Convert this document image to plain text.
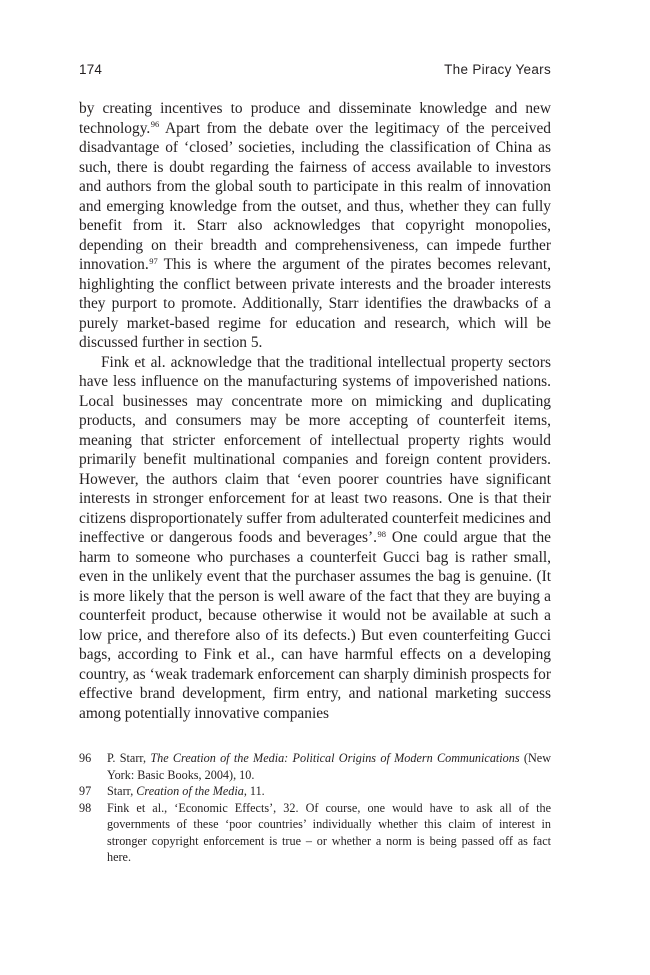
174	The Piracy Years

by creating incentives to produce and disseminate knowledge and new technology.$^{96}$ Apart from the debate over the legitimacy of the perceived disadvantage of ‘closed’ societies, including the classification of China as such, there is doubt regarding the fairness of access available to investors and authors from the global south to participate in this realm of innovation and emerging knowledge from the outset, and thus, whether they can fully benefit from it. Starr also acknowledges that copyright monopolies, depending on their breadth and comprehensiveness, can impede further innovation.$^{97}$ This is where the argument of the pirates becomes relevant, highlighting the conflict between private interests and the broader interests they purport to promote. Additionally, Starr identifies the drawbacks of a purely market-based regime for education and research, which will be discussed further in section 5.

Fink et al. acknowledge that the traditional intellectual property sectors have less influence on the manufacturing systems of impoverished nations. Local businesses may concentrate more on mimicking and duplicating products, and consumers may be more accepting of counterfeit items, meaning that stricter enforcement of intellectual property rights would primarily benefit multinational companies and foreign content providers. However, the authors claim that ‘even poorer countries have significant interests in stronger enforcement for at least two reasons. One is that their citizens disproportionately suffer from adulterated counterfeit medicines and ineffective or dangerous foods and beverages’.$^{98}$ One could argue that the harm to someone who purchases a counterfeit Gucci bag is rather small, even in the unlikely event that the purchaser assumes the bag is genuine. (It is more likely that the person is well aware of the fact that they are buying a counterfeit product, because otherwise it would not be available at such a low price, and therefore also of its defects.) But even counterfeiting Gucci bags, according to Fink et al., can have harmful effects on a developing country, as ‘weak trademark enforcement can sharply diminish prospects for effective brand development, firm entry, and national marketing success among potentially innovative companies

96 P. Starr, The Creation of the Media: Political Origins of Modern Communications (New York: Basic Books, 2004), 10.
97 Starr, Creation of the Media, 11.
98 Fink et al., ‘Economic Effects’, 32. Of course, one would have to ask all of the governments of these ‘poor countries’ individually whether this claim of interest in stronger copyright enforcement is true – or whether a norm is being passed off as fact here.
